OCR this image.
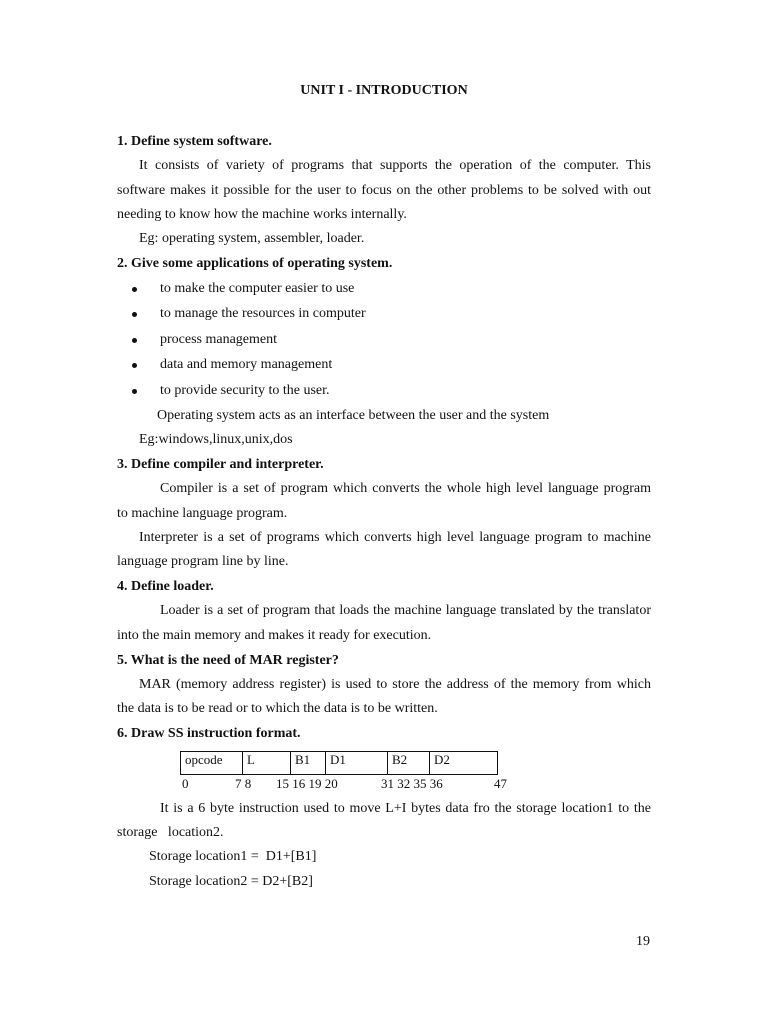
UNIT I - INTRODUCTION
1. Define system software.
It consists of variety of programs that supports the operation of the computer. This
software makes it possible for the user to focus on the other problems to be solved with out
needing to know how the machine works internally.
Eg: operating system, assembler, loader.
2. Give some applications of operating system.
to make the computer easier to use
to manage the resources in computer
process management
data and memory management
to provide security to the user.
Operating system acts as an interface between the user and the system
Eg:windows,linux,unix,dos
3. Define compiler and interpreter.
Compiler is a set of program which converts the whole high level language program
to machine language program.
Interpreter is a set of programs which converts high level language program to machine
language program line by line.
4. Define loader.
Loader is a set of program that loads the machine language translated by the translator
into the main memory and makes it ready for execution.
5. What is the need of MAR register?
MAR (memory address register) is used to store the address of the memory from which
the data is to be read or to which the data is to be written.
6. Draw SS instruction format.
opcode	L	B1	D1	B2	D2
0	7 8 15 16 19 20	31 32 35 36	47
It is a 6 byte instruction used to move L+I bytes data fro the storage location1 to the
storage   location2.
Storage location1 =  D1+[B1]
Storage location2 = D2+[B2]
19
